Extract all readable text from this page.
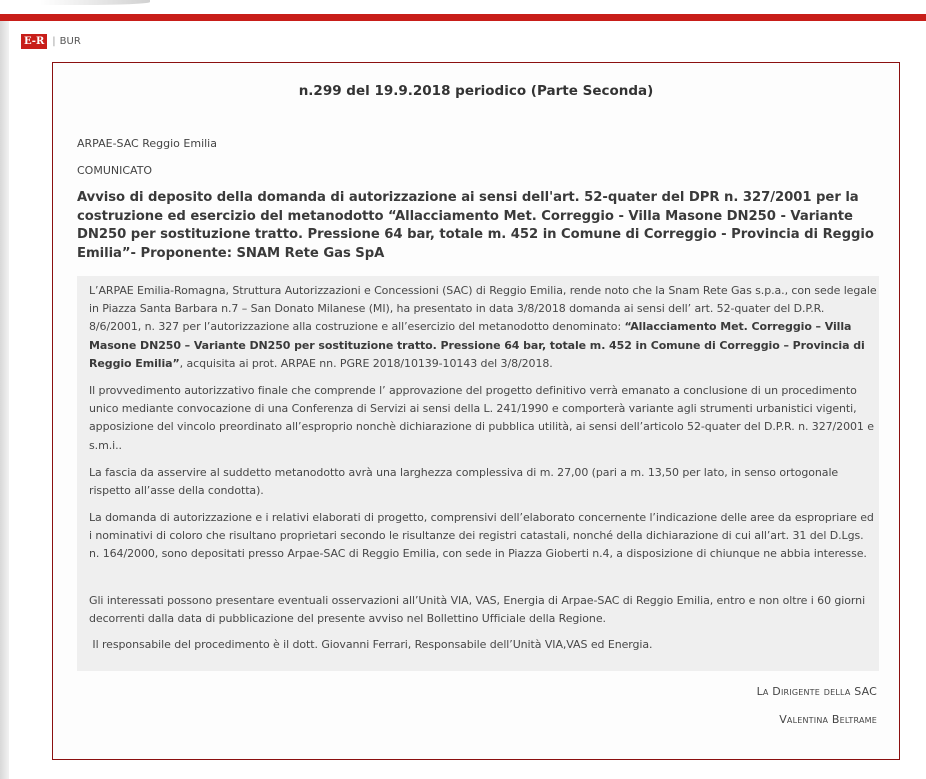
E-R | BUR
n.299 del 19.9.2018 periodico (Parte Seconda)
ARPAE-SAC Reggio Emilia
COMUNICATO
Avviso di deposito della domanda di autorizzazione ai sensi dell'art. 52-quater del DPR n. 327/2001 per la costruzione ed esercizio del metanodotto “Allacciamento Met. Correggio - Villa Masone DN250 - Variante DN250 per sostituzione tratto. Pressione 64 bar, totale m. 452 in Comune di Correggio - Provincia di Reggio Emilia”- Proponente: SNAM Rete Gas SpA

L’ARPAE Emilia-Romagna, Struttura Autorizzazioni e Concessioni (SAC) di Reggio Emilia, rende noto che la Snam Rete Gas s.p.a., con sede legale in Piazza Santa Barbara n.7 – San Donato Milanese (MI), ha presentato in data 3/8/2018 domanda ai sensi dell’ art. 52-quater del D.P.R. 8/6/2001, n. 327 per l’autorizzazione alla costruzione e all’esercizio del metanodotto denominato: “Allacciamento Met. Correggio – Villa Masone DN250 – Variante DN250 per sostituzione tratto. Pressione 64 bar, totale m. 452 in Comune di Correggio – Provincia di Reggio Emilia”, acquisita ai prot. ARPAE nn. PGRE 2018/10139-10143 del 3/8/2018.

Il provvedimento autorizzativo finale che comprende l’ approvazione del progetto definitivo verrà emanato a conclusione di un procedimento unico mediante convocazione di una Conferenza di Servizi ai sensi della L. 241/1990 e comporterà variante agli strumenti urbanistici vigenti, apposizione del vincolo preordinato all’esproprio nonchè dichiarazione di pubblica utilità, ai sensi dell’articolo 52-quater del D.P.R. n. 327/2001 e s.m.i..

La fascia da asservire al suddetto metanodotto avrà una larghezza complessiva di m. 27,00 (pari a m. 13,50 per lato, in senso ortogonale rispetto all’asse della condotta).

La domanda di autorizzazione e i relativi elaborati di progetto, comprensivi dell’elaborato concernente l’indicazione delle aree da espropriare ed i nominativi di coloro che risultano proprietari secondo le risultanze dei registri catastali, nonché della dichiarazione di cui all’art. 31 del D.Lgs. n. 164/2000, sono depositati presso Arpae-SAC di Reggio Emilia, con sede in Piazza Gioberti n.4, a disposizione di chiunque ne abbia interesse.

Gli interessati possono presentare eventuali osservazioni all’Unità VIA, VAS, Energia di Arpae-SAC di Reggio Emilia, entro e non oltre i 60 giorni decorrenti dalla data di pubblicazione del presente avviso nel Bollettino Ufficiale della Regione.

Il responsabile del procedimento è il dott. Giovanni Ferrari, Responsabile dell’Unità VIA,VAS ed Energia.

La Dirigente della SAC
Valentina Beltrame
